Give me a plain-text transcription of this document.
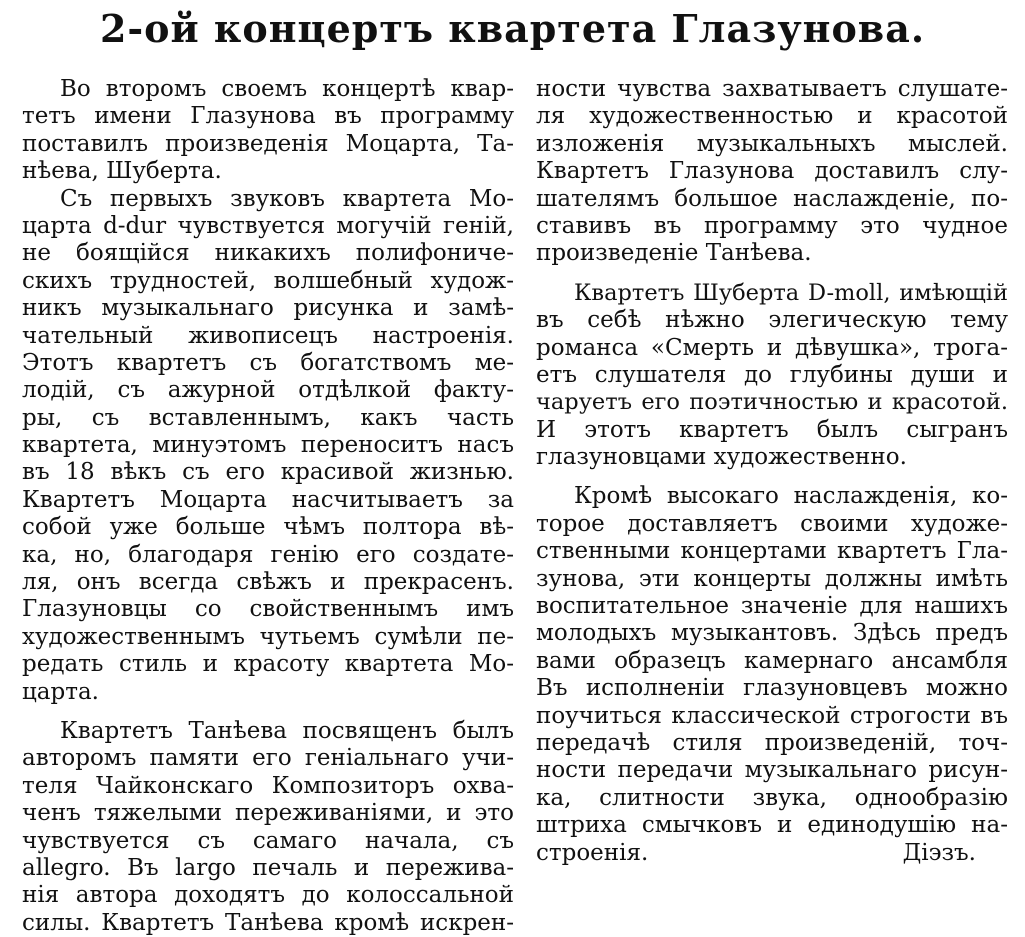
2-ой концертъ квартета Глазунова.
Во второмъ своемъ концертѣ квар-
тетъ имени Глазунова въ программу
поставилъ произведенія Моцарта, Та-
нѣева, Шуберта.
Съ первыхъ звуковъ квартета Мо-
царта d-dur чувствуется могучій геній,
не боящійся никакихъ полифониче-
скихъ трудностей, волшебный худож-
никъ музыкальнаго рисунка и замѣ-
чательный живописецъ настроенія.
Этотъ квартетъ съ богатствомъ ме-
лодій, съ ажурной отдѣлкой факту-
ры, съ вставленнымъ, какъ часть
квартета, минуэтомъ переноситъ насъ
въ 18 вѣкъ съ его красивой жизнью.
Квартетъ Моцарта насчитываетъ за
собой уже больше чѣмъ полтора вѣ-
ка, но, благодаря генію его создате-
ля, онъ всегда свѣжъ и прекрасенъ.
Глазуновцы со свойственнымъ имъ
художественнымъ чутьемъ сумѣли пе-
редать стиль и красоту квартета Мо-
царта.
Квартетъ Танѣева посвященъ былъ
авторомъ памяти его геніальнаго учи-
теля Чайконскаго Композиторъ охва-
ченъ тяжелыми переживаніями, и это
чувствуется съ самаго начала, съ
allegro. Въ largo печаль и пережива-
нія автора доходятъ до колоссальной
силы. Квартетъ Танѣева кромѣ искрен-
ности чувства захватываетъ слушате-
ля художественностью и красотой
изложенія музыкальныхъ мыслей.
Квартетъ Глазунова доставилъ слу-
шателямъ большое наслажденіе, по-
ставивъ въ программу это чудное
произведеніе Танѣева.
Квартетъ Шуберта D-moll, имѣющій
въ себѣ нѣжно элегическую тему
романса «Смерть и дѣвушка», трога-
етъ слушателя до глубины души и
чаруетъ его поэтичностью и красотой.
И этотъ квартетъ былъ сыгранъ
глазуновцами художественно.
Кромѣ высокаго наслажденія, ко-
торое доставляетъ своими художе-
ственными концертами квартетъ Гла-
зунова, эти концерты должны имѣть
воспитательное значеніе для нашихъ
молодыхъ музыкантовъ. Здѣсь предъ
вами образецъ камернаго ансамбля
Въ исполненіи глазуновцевъ можно
поучиться классической строгости въ
передачѣ стиля произведеній, точ-
ности передачи музыкальнаго рисун-
ка, слитности звука, однообразію
штриха смычковъ и единодушію на-
строенія.	Діэзъ.
